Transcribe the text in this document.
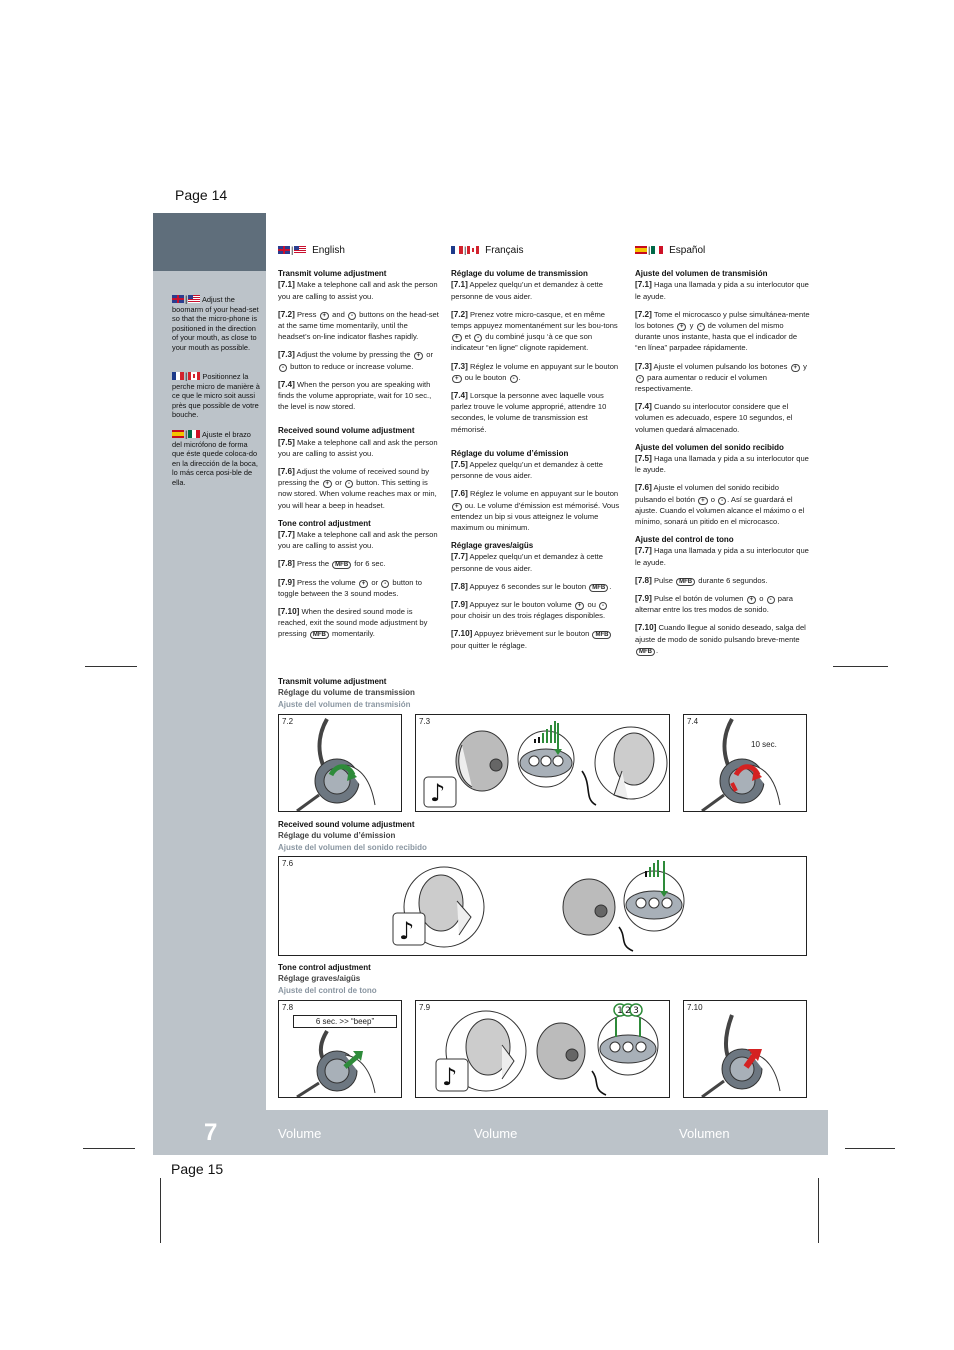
Page 14
Page 15
| Adjust the boomarm of your head-set so that the micro-phone is positioned in the direction of your mouth, as close to your mouth as possible.
| Positionnez la perche micro de manière à ce que le micro soit aussi près que possible de votre bouche.
| Ajuste el brazo del micrófono de forma que éste quede coloca-do en la dirección de la boca, lo más cerca posi-ble de ella.
| English
Transmit volume adjustment

[7.1] Make a telephone call and ask the person you are calling to assist you.

[7.2] Press + and - buttons on the head-set at the same time momentarily, until the headset’s on-line indicator flashes rapidly.

[7.3] Adjust the volume by pressing the + or - button to reduce or increase volume.

[7.4] When the person you are speaking with finds the volume appropriate, wait for 10 sec., the level is now stored.

Received sound volume adjustment

[7.5] Make a telephone call and ask the person you are calling to assist you.

[7.6] Adjust the volume of received sound by pressing the + or - button. This setting is now stored. When volume reaches max or min, you will hear a beep in headset.

Tone control adjustment

[7.7] Make a telephone call and ask the person you are calling to assist you.

[7.8] Press the MFB for 6 sec.

[7.9] Press the volume + or - button to toggle between the 3 sound modes.

[7.10] When the desired sound mode is reached, exit the sound mode adjustment by pressing MFB momentarily.

| Français
Réglage du volume de transmission

[7.1] Appelez quelqu’un et demandez à cette personne de vous aider.

[7.2] Prenez votre micro-casque, et en même temps appuyez momentanément sur les bou-tons + et - du combiné jusqu ‘à ce que son indicateur “en ligne” clignote rapidement.

[7.3] Réglez le volume en appuyant sur le bouton + ou le bouton - .

[7.4] Lorsque la personne avec laquelle vous parlez trouve le volume approprié, attendre 10 secondes, le volume de transmission est mémorisé.

Réglage du volume d’émission

[7.5] Appelez quelqu’un et demandez à cette personne de vous aider.

[7.6] Réglez le volume en appuyant sur le bouton + ou. Le volume d’émission est mémorisé. Vous entendez un bip si vous atteignez le volume maximum ou minimum.

Réglage graves/aigüs

[7.7] Appelez quelqu’un et demandez à cette personne de vous aider.

[7.8] Appuyez 6 secondes sur le bouton MFB .

[7.9] Appuyez sur le bouton volume + ou - pour choisir un des trois réglages disponibles.

[7.10] Appuyez brièvement sur le bouton MFB pour quitter le réglage.

| Español
Ajuste del volumen de transmisión

[7.1] Haga una llamada y pida a su interlocutor que le ayude.

[7.2] Tome el microcasco y pulse simultánea-mente los botones + y - de volumen del mismo durante unos instante, hasta que el indicador de “en línea” parpadee rápidamente.

[7.3] Ajuste el volumen pulsando los botones + y - para aumentar o reducir el volumen respectivamente.

[7.4] Cuando su interlocutor considere que el volumen es adecuado, espere 10 segundos, el volumen quedará almacenado.

Ajuste del volumen del sonido recibido

[7.5] Haga una llamada y pida a su interlocutor que le ayude.

[7.6] Ajuste el volumen del sonido recibido pulsando el botón + o - . Así se guardará el ajuste. Cuando el volumen alcance el máximo o el mínimo, sonará un pitido en el microcasco.

Ajuste del control de tono

[7.7] Haga una llamada y pida a su interlocutor que le ayude.

[7.8] Pulse MFB durante 6 segundos.

[7.9] Pulse el botón de volumen + o - para alternar entre los tres modos de sonido.

[7.10] Cuando llegue al sonido deseado, salga del ajuste de modo de sonido pulsando breve-mente MFB .

Transmit volume adjustment
Réglage du volume de transmission
Ajuste del volumen de transmisión
7.2	7.3
♪
7.4
10 sec.
Received sound volume adjustment
Réglage du volume d’émission
Ajuste del volumen del sonido recibido
7.6
♪
Tone control adjustment
Réglage graves/aigüs
Ajuste del control de tono
7.8
6 sec. >> “beep”
7.9
♪
1 2 3	7.10
7	Volume	Volume	Volumen
